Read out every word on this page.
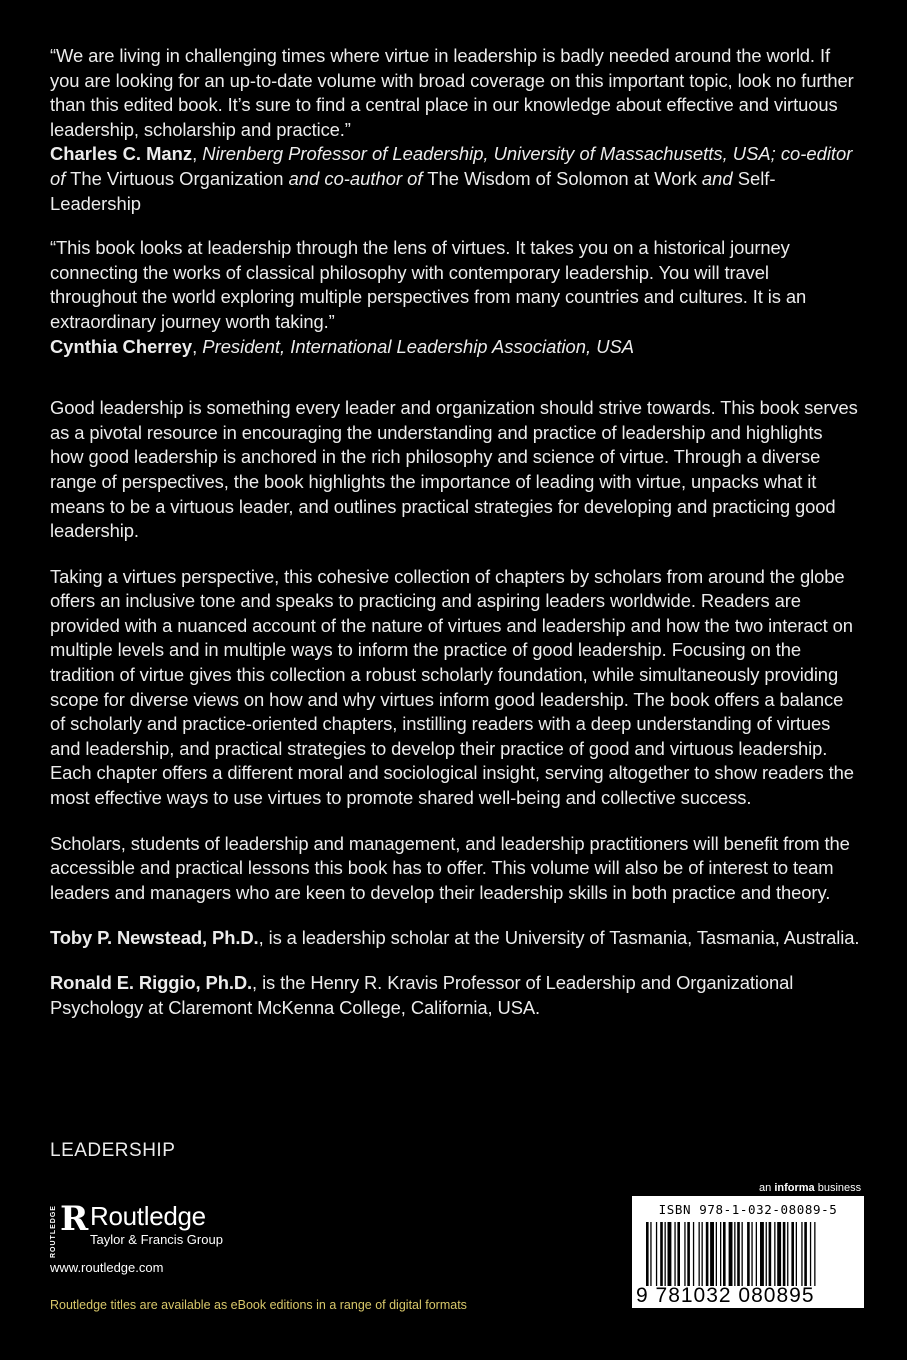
“We are living in challenging times where virtue in leadership is badly needed around the world. If you are looking for an up-to-date volume with broad coverage on this important topic, look no further than this edited book. It’s sure to find a central place in our knowledge about effective and virtuous leadership, scholarship and practice.”

Charles C. Manz, Nirenberg Professor of Leadership, University of Massachusetts, USA; co-editor of The Virtuous Organization and co-author of The Wisdom of Solomon at Work and Self-Leadership

“This book looks at leadership through the lens of virtues. It takes you on a historical journey connecting the works of classical philosophy with contemporary leadership. You will travel throughout the world exploring multiple perspectives from many countries and cultures. It is an extraordinary journey worth taking.”

Cynthia Cherrey, President, International Leadership Association, USA

Good leadership is something every leader and organization should strive towards. This book serves as a pivotal resource in encouraging the understanding and practice of leadership and highlights how good leadership is anchored in the rich philosophy and science of virtue. Through a diverse range of perspectives, the book highlights the importance of leading with virtue, unpacks what it means to be a virtuous leader, and outlines practical strategies for developing and practicing good leadership.

Taking a virtues perspective, this cohesive collection of chapters by scholars from around the globe offers an inclusive tone and speaks to practicing and aspiring leaders worldwide. Readers are provided with a nuanced account of the nature of virtues and leadership and how the two interact on multiple levels and in multiple ways to inform the practice of good leadership. Focusing on the tradition of virtue gives this collection a robust scholarly foundation, while simultaneously providing scope for diverse views on how and why virtues inform good leadership. The book offers a balance of scholarly and practice-oriented chapters, instilling readers with a deep understanding of virtues and leadership, and practical strategies to develop their practice of good and virtuous leadership. Each chapter offers a different moral and sociological insight, serving altogether to show readers the most effective ways to use virtues to promote shared well-being and collective success.

Scholars, students of leadership and management, and leadership practitioners will benefit from the accessible and practical lessons this book has to offer. This volume will also be of interest to team leaders and managers who are keen to develop their leadership skills in both practice and theory.

Toby P. Newstead, Ph.D., is a leadership scholar at the University of Tasmania, Tasmania, Australia.

Ronald E. Riggio, Ph.D., is the Henry R. Kravis Professor of Leadership and Organizational Psychology at Claremont McKenna College, California, USA.

LEADERSHIP
ROUTLEDGE R Routledge
Taylor & Francis Group
www.routledge.com
Routledge titles are available as eBook editions in a range of digital formats
an informa business
ISBN 978-1-032-08089-5
9 781032 080895
